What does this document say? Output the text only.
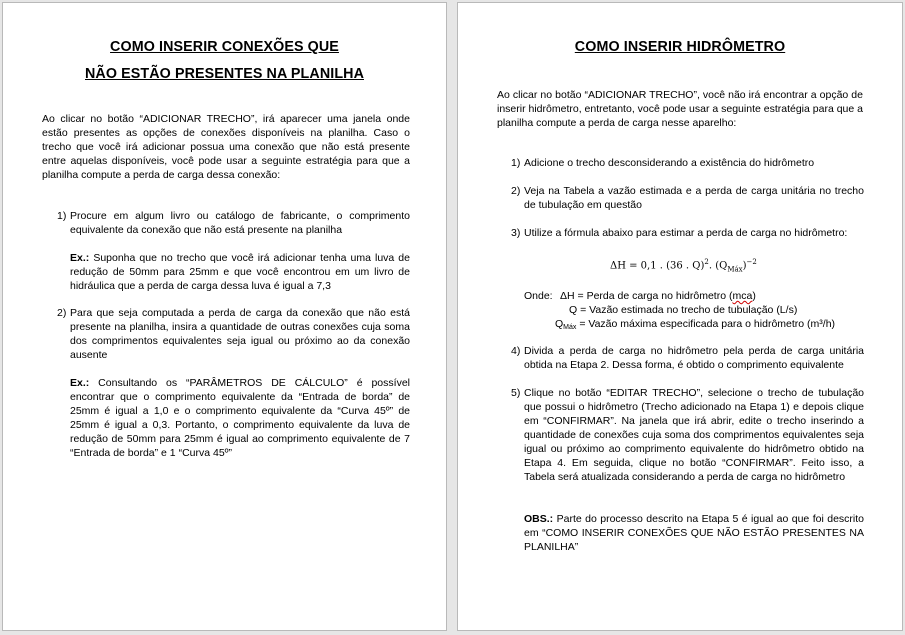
COMO INSERIR CONEXÕES QUE
NÃO ESTÃO PRESENTES NA PLANILHA

Ao clicar no botão “ADICIONAR TRECHO”, irá aparecer uma janela onde estão presentes as opções de conexões disponíveis na planilha. Caso o trecho que você irá adicionar possua uma conexão que não está presente entre aquelas disponíveis, você pode usar a seguinte estratégia para que a planilha compute a perda de carga dessa conexão:

1) Procure em algum livro ou catálogo de fabricante, o comprimento equivalente da conexão que não está presente na planilha
Ex.: Suponha que no trecho que você irá adicionar tenha uma luva de redução de 50mm para 25mm e que você encontrou em um livro de hidráulica que a perda de carga dessa luva é igual a 7,3
2) Para que seja computada a perda de carga da conexão que não está presente na planilha, insira a quantidade de outras conexões cuja soma dos comprimentos equivalentes seja igual ou próximo ao da conexão ausente
Ex.: Consultando os “PARÂMETROS DE CÁLCULO” é possível encontrar que o comprimento equivalente da “Entrada de borda” de 25mm é igual a 1,0 e o comprimento equivalente da “Curva 45º” de 25mm é igual a 0,3. Portanto, o comprimento equivalente da luva de redução de 50mm para 25mm é igual ao comprimento equivalente de 7 “Entrada de borda” e 1 “Curva 45º”
COMO INSERIR HIDRÔMETRO

Ao clicar no botão “ADICIONAR TRECHO”, você não irá encontrar a opção de inserir hidrômetro, entretanto, você pode usar a seguinte estratégia para que a planilha compute a perda de carga nesse aparelho:

1) Adicione o trecho desconsiderando a existência do hidrômetro
2) Veja na Tabela a vazão estimada e a perda de carga unitária no trecho de tubulação em questão
3) Utilize a fórmula abaixo para estimar a perda de carga no hidrômetro:
ΔH = 0,1 . (36 . Q)$^2$. $(Q_{Máx})^{-2}$
Onde: ΔH = Perda de carga no hidrômetro (mca)
Q = Vazão estimada no trecho de tubulação (L/s)
$Q_{Máx}$ = Vazão máxima especificada para o hidrômetro (m³/h)
4) Divida a perda de carga no hidrômetro pela perda de carga unitária obtida na Etapa 2. Dessa forma, é obtido o comprimento equivalente
5) Clique no botão “EDITAR TRECHO”, selecione o trecho de tubulação que possui o hidrômetro (Trecho adicionado na Etapa 1) e depois clique em “CONFIRMAR”. Na janela que irá abrir, edite o trecho inserindo a quantidade de conexões cuja soma dos comprimentos equivalentes seja igual ou próximo ao comprimento equivalente do hidrômetro obtido na Etapa 4. Em seguida, clique no botão “CONFIRMAR”. Feito isso, a Tabela será atualizada considerando a perda de carga no hidrômetro
OBS.: Parte do processo descrito na Etapa 5 é igual ao que foi descrito em “COMO INSERIR CONEXÕES QUE NÃO ESTÃO PRESENTES NA PLANILHA”
